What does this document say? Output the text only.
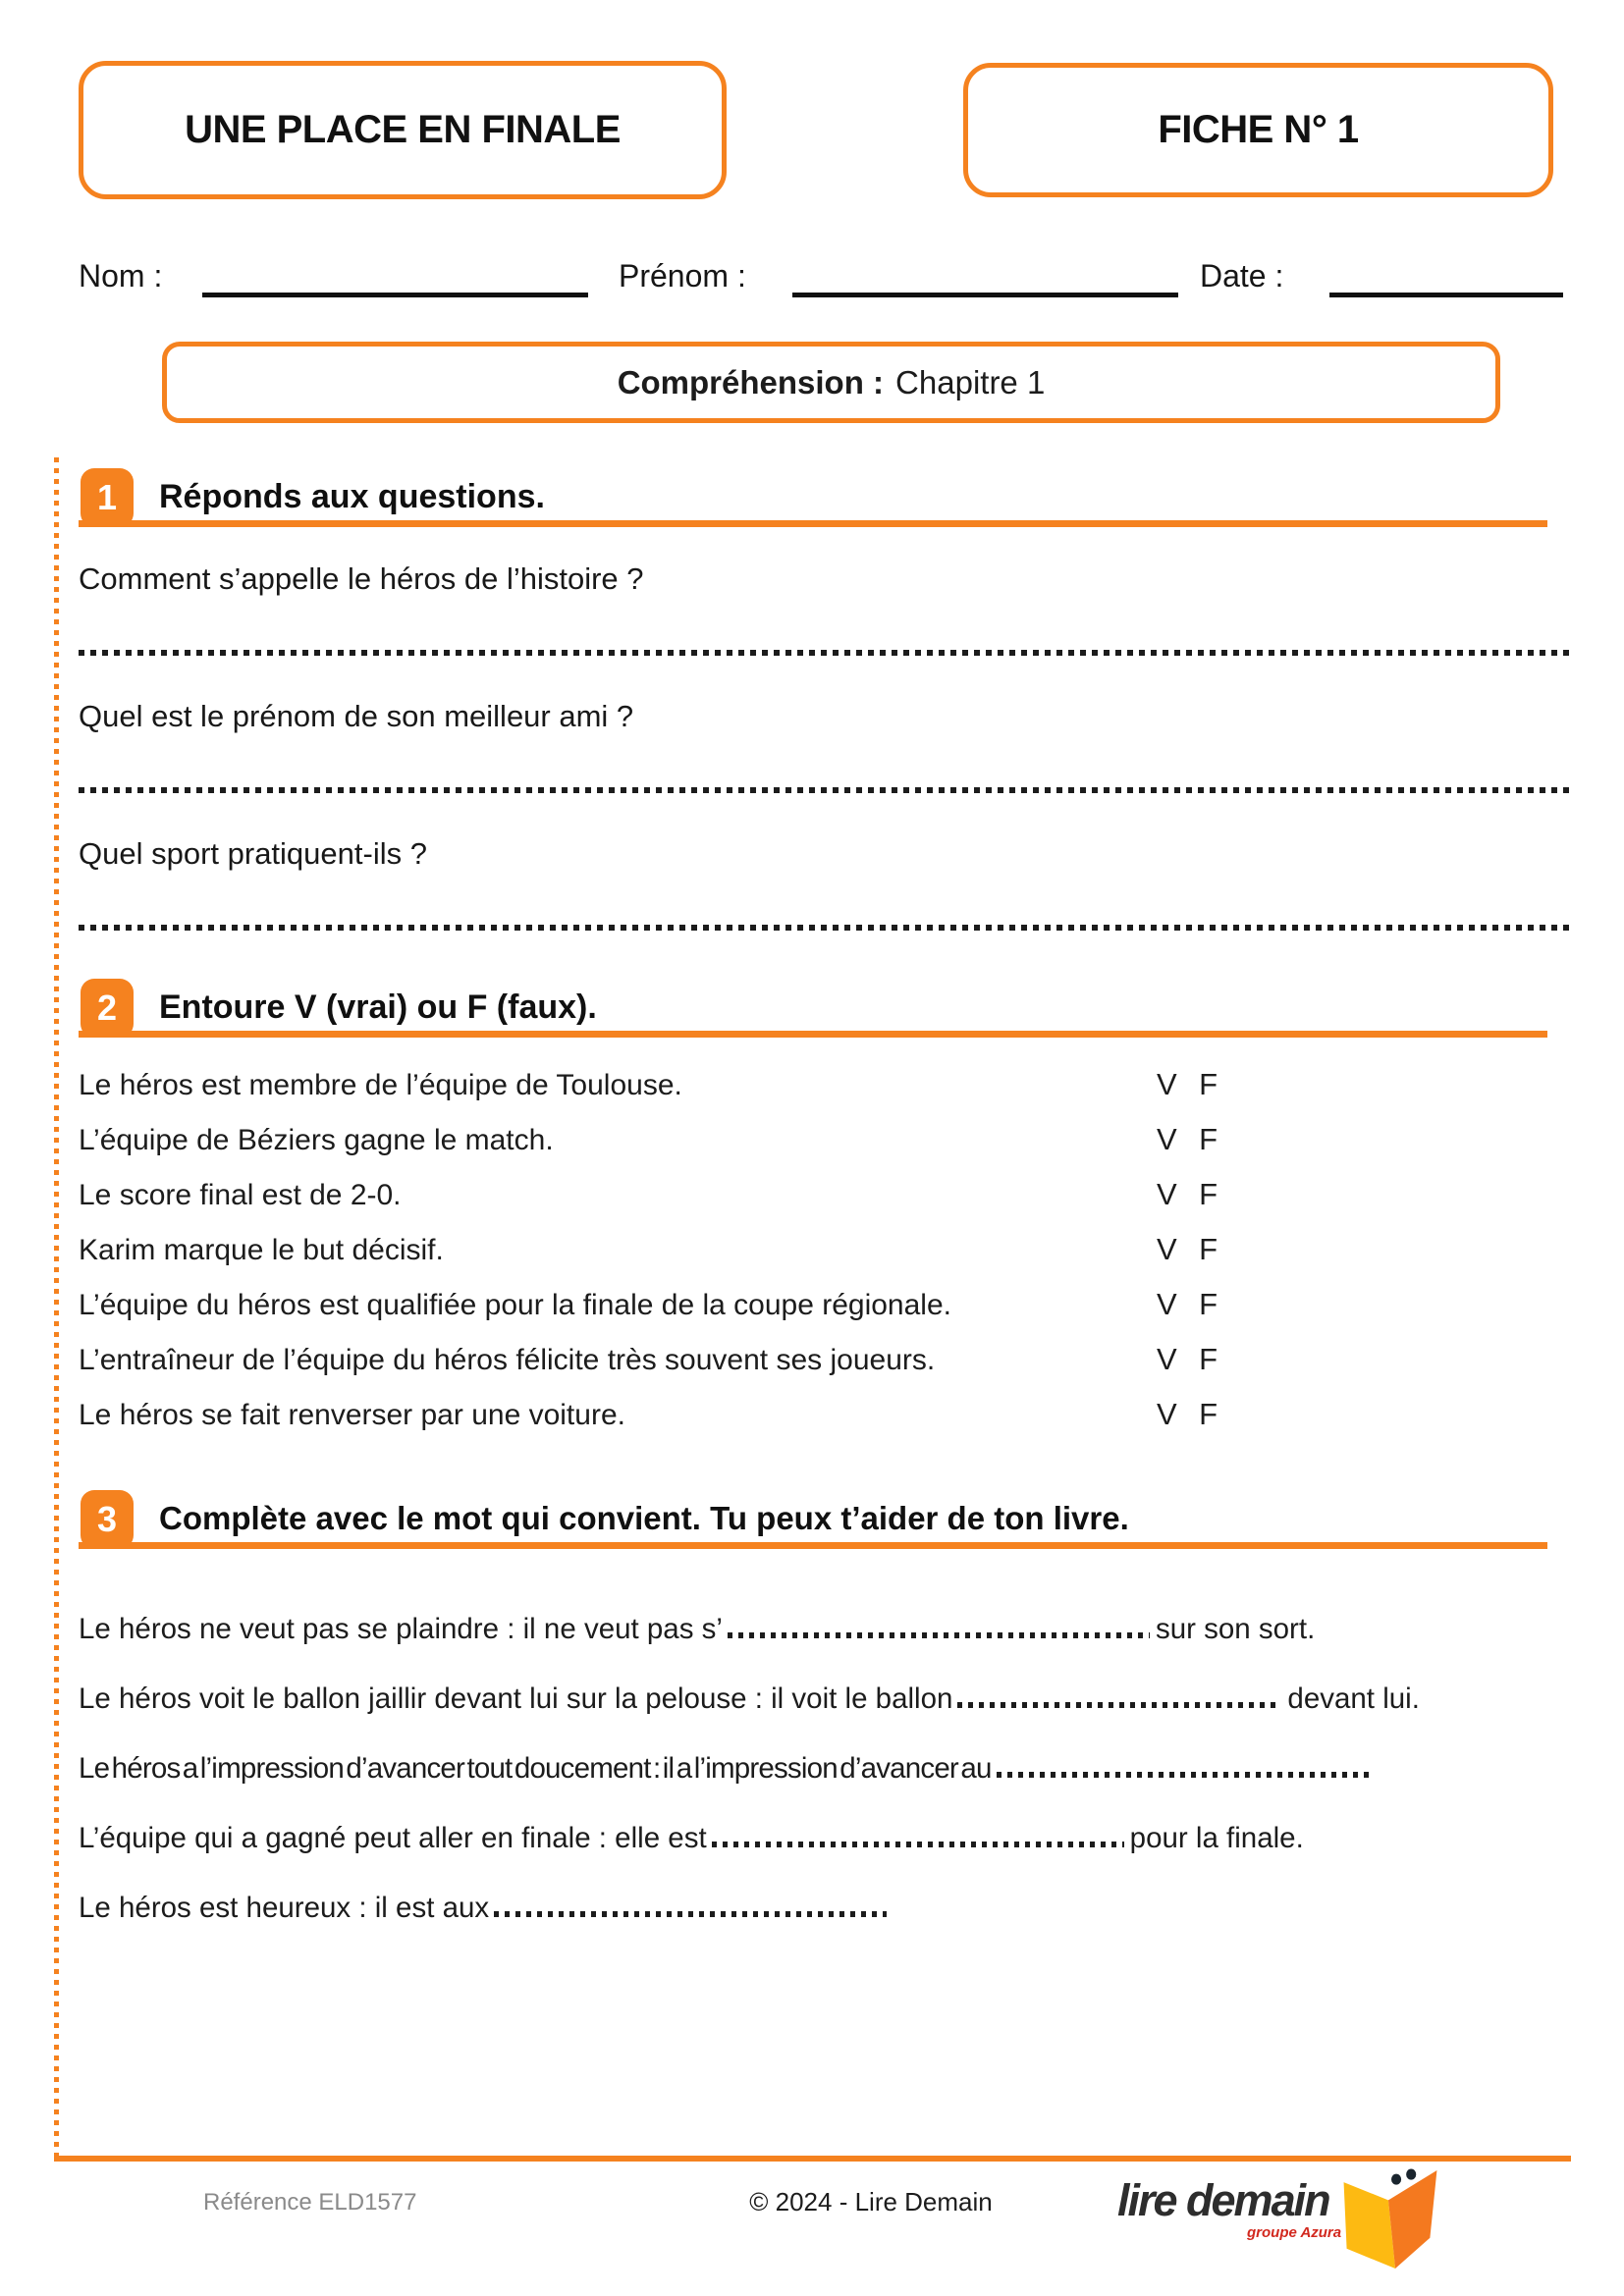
UNE PLACE EN FINALE	FICHE N° 1
Nom :	Prénom :	Date :
Compréhension : Chapitre 1
1	Réponds aux questions.
Comment s’appelle le héros de l’histoire ?
Quel est le prénom de son meilleur ami ?
Quel sport pratiquent-ils ?
2	Entoure V (vrai) ou F (faux).
Le héros est membre de l’équipe de Toulouse.	V F
L’équipe de Béziers gagne le match.	V F
Le score final est de 2-0.	V F
Karim marque le but décisif.	V F
L’équipe du héros est qualifiée pour la finale de la coupe régionale.	V F
L’entraîneur de l’équipe du héros félicite très souvent ses joueurs.	V F
Le héros se fait renverser par une voiture.	V F
3	Complète avec le mot qui convient. Tu peux t’aider de ton livre.
Le héros ne veut pas se plaindre : il ne veut pas s’	sur son sort.
Le héros voit le ballon jaillir devant lui sur la pelouse : il voit le ballon	devant lui.
Le héros a l’impression d’avancer tout doucement : il a l’impression d’avancer au
L’équipe qui a gagné peut aller en finale : elle est	pour la finale.
Le héros est heureux : il est aux
Référence ELD1577	© 2024 - Lire Demain	lire demain
groupe Azura
